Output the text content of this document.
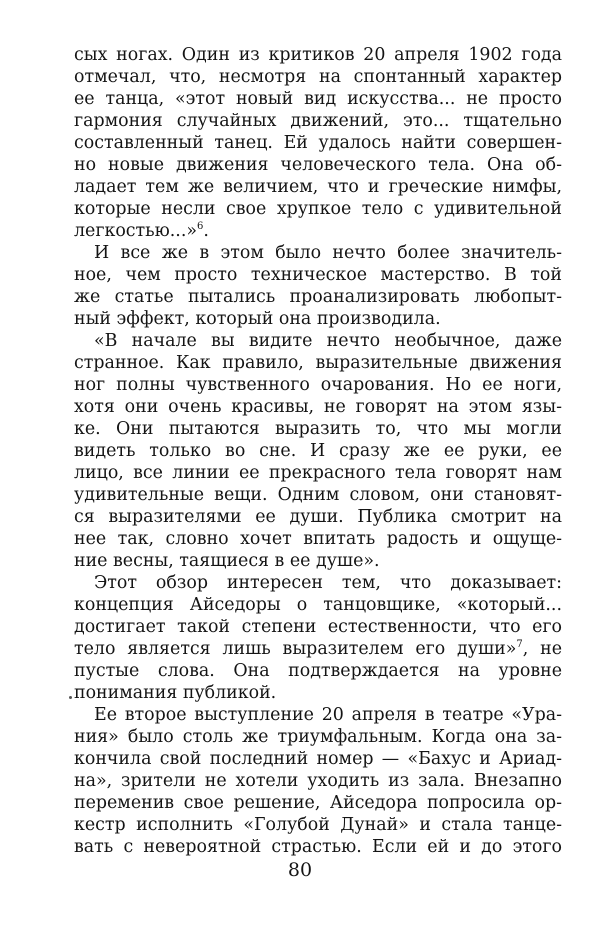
сых ногах. Один из критиков 20 апреля 1902 года
отмечал, что, несмотря на спонтанный характер
ее танца, «этот новый вид искусства... не просто
гармония случайных движений, это... тщательно
составленный танец. Ей удалось найти совершен-
но новые движения человеческого тела. Она об-
ладает тем же величием, что и греческие нимфы,
которые несли свое хрупкое тело с удивительной
легкостью...»$^6$.
И все же в этом было нечто более значитель-
ное, чем просто техническое мастерство. В той
же статье пытались проанализировать любопыт-
ный эффект, который она производила.
«В начале вы видите нечто необычное, даже
странное. Как правило, выразительные движения
ног полны чувственного очарования. Но ее ноги,
хотя они очень красивы, не говорят на этом язы-
ке. Они пытаются выразить то, что мы могли
видеть только во сне. И сразу же ее руки, ее
лицо, все линии ее прекрасного тела говорят нам
удивительные вещи. Одним словом, они становят-
ся выразителями ее души. Публика смотрит на
нее так, словно хочет впитать радость и ощуще-
ние весны, таящиеся в ее душе».
Этот обзор интересен тем, что доказывает:
концепция Айседоры о танцовщике, «который...
достигает такой степени естественности, что его
тело является лишь выразителем его души»$^7$, не
пустые слова. Она подтверждается на уровне
понимания публикой.
Ее второе выступление 20 апреля в театре «Ура-
ния» было столь же триумфальным. Когда она за-
кончила свой последний номер — «Бахус и Ариад-
на», зрители не хотели уходить из зала. Внезапно
переменив свое решение, Айседора попросила ор-
кестр исполнить «Голубой Дунай» и стала танце-
вать с невероятной страстью. Если ей и до этого
80
